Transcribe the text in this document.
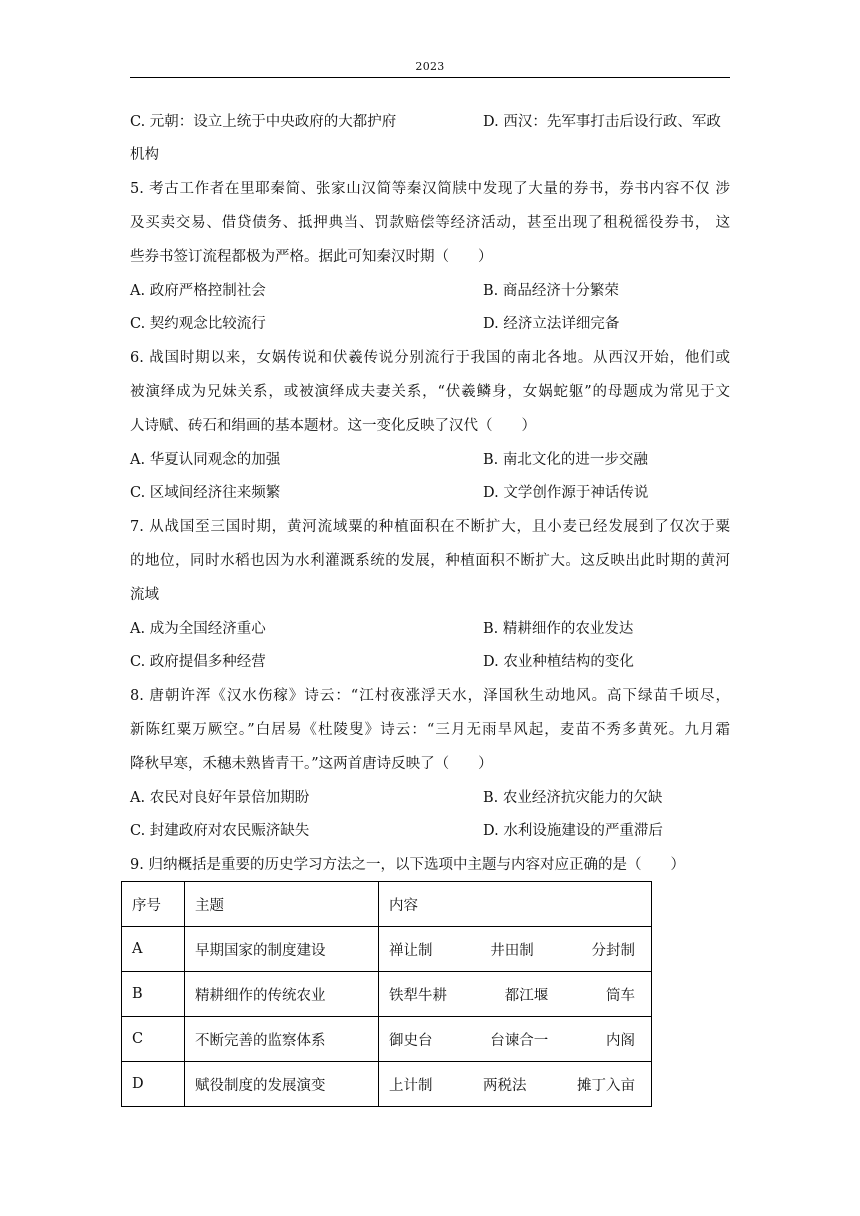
2023
C. 元朝：设立上统于中央政府的大都护府	D. 西汉：先军事打击后设行政、军政
机构
5. 考古工作者在里耶秦简、张家山汉简等秦汉简牍中发现了大量的券书，券书内容不仅 涉
及买卖交易、借贷债务、抵押典当、罚款赔偿等经济活动，甚至出现了租税徭役券书， 这
些券书签订流程都极为严格。据此可知秦汉时期（　　）
A. 政府严格控制社会	B. 商品经济十分繁荣
C. 契约观念比较流行	D. 经济立法详细完备
6. 战国时期以来，女娲传说和伏羲传说分别流行于我国的南北各地。从西汉开始，他们或
被演绎成为兄妹关系，或被演绎成夫妻关系，“伏羲鳞身，女娲蛇躯”的母题成为常见于文
人诗赋、砖石和绢画的基本题材。这一变化反映了汉代（　　）
A. 华夏认同观念的加强	B. 南北文化的进一步交融
C. 区域间经济往来频繁	D. 文学创作源于神话传说
7. 从战国至三国时期，黄河流域粟的种植面积在不断扩大，且小麦已经发展到了仅次于粟
的地位，同时水稻也因为水利灌溉系统的发展，种植面积不断扩大。这反映出此时期的黄河
流域
A. 成为全国经济重心	B. 精耕细作的农业发达
C. 政府提倡多种经营	D. 农业种植结构的变化
8. 唐朝许浑《汉水伤稼》诗云：“江村夜涨浮天水，泽国秋生动地风。高下绿苗千顷尽，
新陈红粟万厥空。”白居易《杜陵叟》诗云：“三月无雨旱风起，麦苗不秀多黄死。九月霜
降秋早寒，禾穗未熟皆青干。”这两首唐诗反映了（　　）
A. 农民对良好年景倍加期盼	B. 农业经济抗灾能力的欠缺
C. 封建政府对农民赈济缺失	D. 水利设施建设的严重滞后
9. 归纳概括是重要的历史学习方法之一，以下选项中主题与内容对应正确的是（　　）
序号	主题	内容
A	早期国家的制度建设	禅让制 井田制 分封制

B	精耕细作的传统农业	铁犁牛耕 都江堰 筒车

C	不断完善的监察体系	御史台 台谏合一 内阁

D	赋役制度的发展演变	上计制 两税法 摊丁入亩
